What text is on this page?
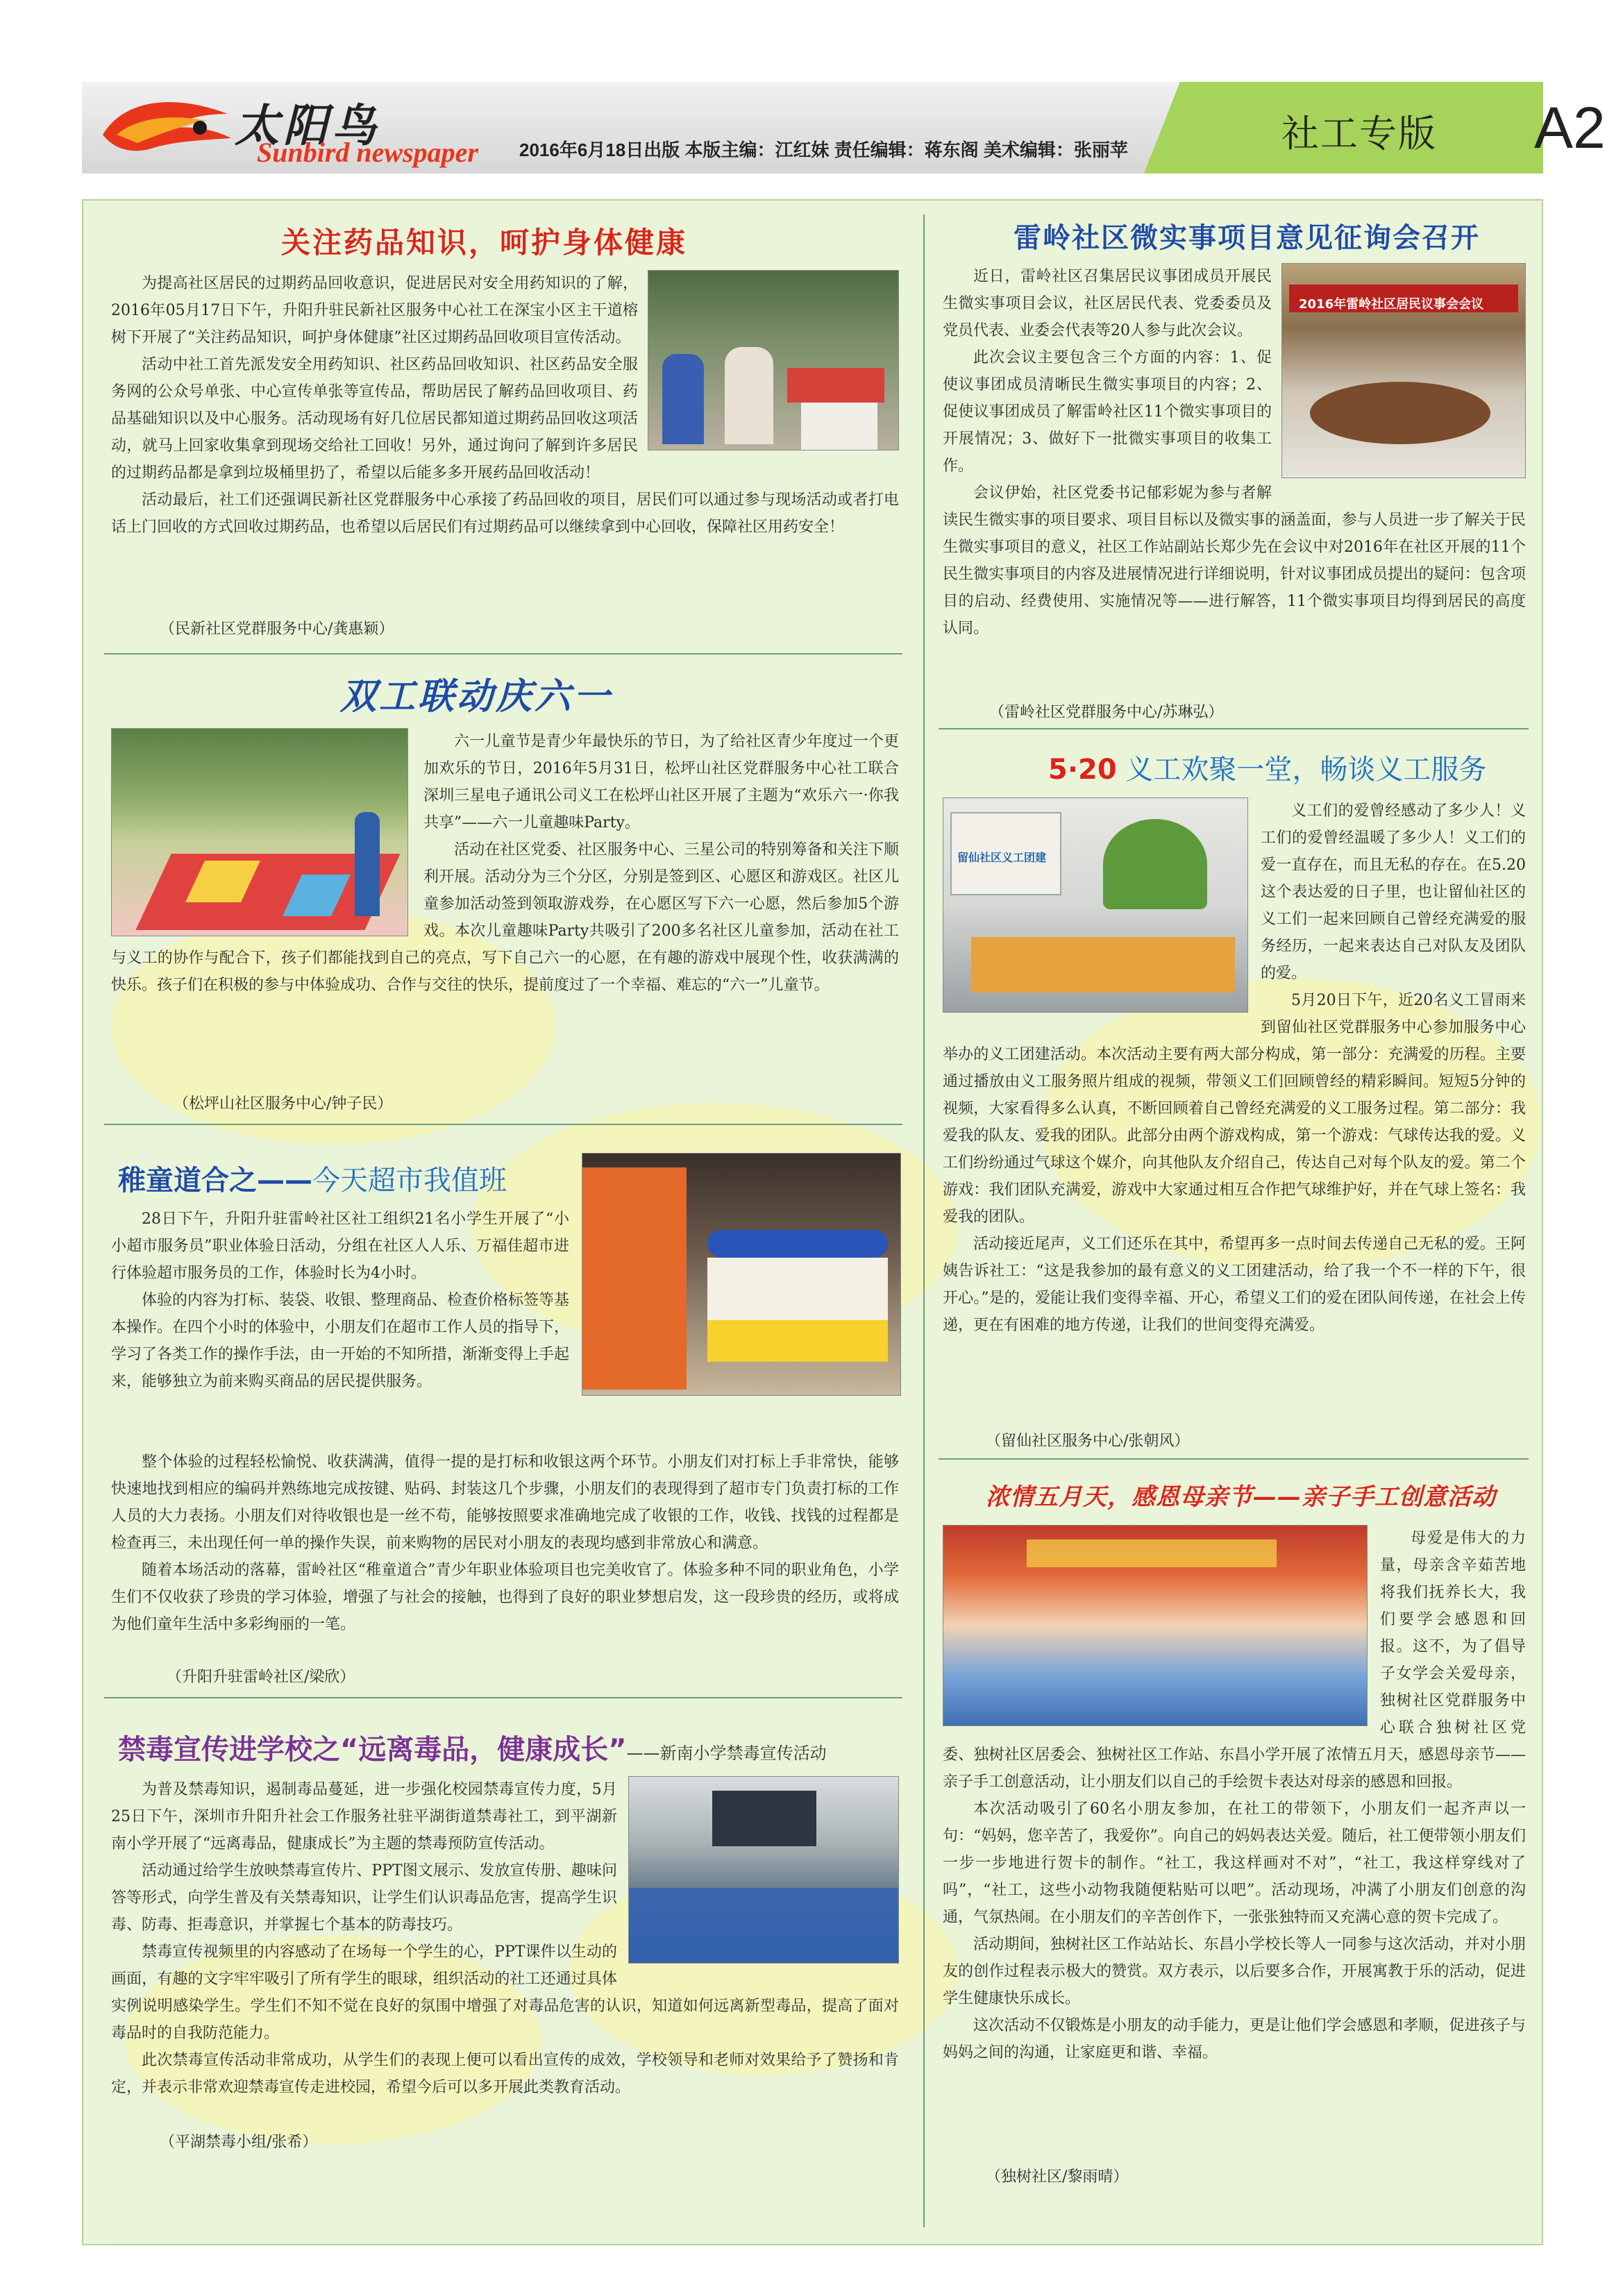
太阳鸟
Sunbird newspaper 2016年6月18日出版 本版主编：江红妹 责任编辑：蒋东阁 美术编辑：张丽苹	社工专版 A2
关注药品知识，呵护身体健康

为提高社区居民的过期药品回收意识，促进居民对安全用药知识的了解，2016年05月17日下午，升阳升驻民新社区服务中心社工在深宝小区主干道榕树下开展了“关注药品知识，呵护身体健康”社区过期药品回收项目宣传活动。

活动中社工首先派发安全用药知识、社区药品回收知识、社区药品安全服务网的公众号单张、中心宣传单张等宣传品，帮助居民了解药品回收项目、药品基础知识以及中心服务。活动现场有好几位居民都知道过期药品回收这项活动，就马上回家收集拿到现场交给社工回收！另外，通过询问了解到许多居民的过期药品都是拿到垃圾桶里扔了，希望以后能多多开展药品回收活动！

活动最后，社工们还强调民新社区党群服务中心承接了药品回收的项目，居民们可以通过参与现场活动或者打电话上门回收的方式回收过期药品，也希望以后居民们有过期药品可以继续拿到中心回收，保障社区用药安全！

（民新社区党群服务中心/龚惠颖）
双工联动庆六一

六一儿童节是青少年最快乐的节日，为了给社区青少年度过一个更加欢乐的节日，2016年5月31日，松坪山社区党群服务中心社工联合深圳三星电子通讯公司义工在松坪山社区开展了主题为“欢乐六一·你我共享”——六一儿童趣味Party。

活动在社区党委、社区服务中心、三星公司的特别筹备和关注下顺利开展。活动分为三个分区，分别是签到区、心愿区和游戏区。社区儿童参加活动签到领取游戏券，在心愿区写下六一心愿，然后参加5个游戏。本次儿童趣味Party共吸引了200多名社区儿童参加，活动在社工与义工的协作与配合下，孩子们都能找到自己的亮点，写下自己六一的心愿，在有趣的游戏中展现个性，收获满满的快乐。孩子们在积极的参与中体验成功、合作与交往的快乐，提前度过了一个幸福、难忘的“六一”儿童节。

（松坪山社区服务中心/钟子民）
稚童道合之——今天超市我值班

28日下午，升阳升驻雷岭社区社工组织21名小学生开展了“小小超市服务员”职业体验日活动，分组在社区人人乐、万福佳超市进行体验超市服务员的工作，体验时长为4小时。

体验的内容为打标、装袋、收银、整理商品、检查价格标签等基本操作。在四个小时的体验中，小朋友们在超市工作人员的指导下，学习了各类工作的操作手法，由一开始的不知所措，渐渐变得上手起来，能够独立为前来购买商品的居民提供服务。

整个体验的过程轻松愉悦、收获满满，值得一提的是打标和收银这两个环节。小朋友们对打标上手非常快，能够快速地找到相应的编码并熟练地完成按键、贴码、封装这几个步骤，小朋友们的表现得到了超市专门负责打标的工作人员的大力表扬。小朋友们对待收银也是一丝不苟，能够按照要求准确地完成了收银的工作，收钱、找钱的过程都是检查再三，未出现任何一单的操作失误，前来购物的居民对小朋友的表现均感到非常放心和满意。

随着本场活动的落幕，雷岭社区“稚童道合”青少年职业体验项目也完美收官了。体验多种不同的职业角色，小学生们不仅收获了珍贵的学习体验，增强了与社会的接触，也得到了良好的职业梦想启发，这一段珍贵的经历，或将成为他们童年生活中多彩绚丽的一笔。

（升阳升驻雷岭社区/梁欣）
禁毒宣传进学校之“远离毒品，健康成长”——新南小学禁毒宣传活动

为普及禁毒知识，遏制毒品蔓延，进一步强化校园禁毒宣传力度，5月25日下午，深圳市升阳升社会工作服务社驻平湖街道禁毒社工，到平湖新南小学开展了“远离毒品，健康成长”为主题的禁毒预防宣传活动。

活动通过给学生放映禁毒宣传片、PPT图文展示、发放宣传册、趣味问答等形式，向学生普及有关禁毒知识，让学生们认识毒品危害，提高学生识毒、防毒、拒毒意识，并掌握七个基本的防毒技巧。

禁毒宣传视频里的内容感动了在场每一个学生的心，PPT课件以生动的画面，有趣的文字牢牢吸引了所有学生的眼球，组织活动的社工还通过具体实例说明感染学生。学生们不知不觉在良好的氛围中增强了对毒品危害的认识，知道如何远离新型毒品，提高了面对毒品时的自我防范能力。

此次禁毒宣传活动非常成功，从学生们的表现上便可以看出宣传的成效，学校领导和老师对效果给予了赞扬和肯定，并表示非常欢迎禁毒宣传走进校园，希望今后可以多开展此类教育活动。

（平湖禁毒小组/张希）
雷岭社区微实事项目意见征询会召开
2016年雷岭社区居民议事会会议

近日，雷岭社区召集居民议事团成员开展民生微实事项目会议，社区居民代表、党委委员及党员代表、业委会代表等20人参与此次会议。

此次会议主要包含三个方面的内容：1、促使议事团成员清晰民生微实事项目的内容；2、促使议事团成员了解雷岭社区11个微实事项目的开展情况；3、做好下一批微实事项目的收集工作。

会议伊始，社区党委书记郁彩妮为参与者解读民生微实事的项目要求、项目目标以及微实事的涵盖面，参与人员进一步了解关于民生微实事项目的意义，社区工作站副站长郑少先在会议中对2016年在社区开展的11个民生微实事项目的内容及进展情况进行详细说明，针对议事团成员提出的疑问：包含项目的启动、经费使用、实施情况等——进行解答，11个微实事项目均得到居民的高度认同。

（雷岭社区党群服务中心/苏琳弘）
5·20 义工欢聚一堂，畅谈义工服务
留仙社区义工团建

义工们的爱曾经感动了多少人！义工们的爱曾经温暖了多少人！义工们的爱一直存在，而且无私的存在。在5.20这个表达爱的日子里，也让留仙社区的义工们一起来回顾自己曾经充满爱的服务经历，一起来表达自己对队友及团队的爱。

5月20日下午，近20名义工冒雨来到留仙社区党群服务中心参加服务中心举办的义工团建活动。本次活动主要有两大部分构成，第一部分：充满爱的历程。主要通过播放由义工服务照片组成的视频，带领义工们回顾曾经的精彩瞬间。短短5分钟的视频，大家看得多么认真，不断回顾着自己曾经充满爱的义工服务过程。第二部分：我爱我的队友、爱我的团队。此部分由两个游戏构成，第一个游戏：气球传达我的爱。义工们纷纷通过气球这个媒介，向其他队友介绍自己，传达自己对每个队友的爱。第二个游戏：我们团队充满爱，游戏中大家通过相互合作把气球维护好，并在气球上签名：我爱我的团队。

活动接近尾声，义工们还乐在其中，希望再多一点时间去传递自己无私的爱。王阿姨告诉社工：“这是我参加的最有意义的义工团建活动，给了我一个不一样的下午，很开心。”是的，爱能让我们变得幸福、开心，希望义工们的爱在团队间传递，在社会上传递，更在有困难的地方传递，让我们的世间变得充满爱。

（留仙社区服务中心/张朝风）
浓情五月天，感恩母亲节——亲子手工创意活动

母爱是伟大的力量，母亲含辛茹苦地将我们抚养长大，我们要学会感恩和回报。这不，为了倡导子女学会关爱母亲，独树社区党群服务中心联合独树社区党委、独树社区居委会、独树社区工作站、东昌小学开展了浓情五月天，感恩母亲节——亲子手工创意活动，让小朋友们以自己的手绘贺卡表达对母亲的感恩和回报。

本次活动吸引了60名小朋友参加，在社工的带领下，小朋友们一起齐声以一句：“妈妈，您辛苦了，我爱你”。向自己的妈妈表达关爱。随后，社工便带领小朋友们一步一步地进行贺卡的制作。“社工，我这样画对不对”，“社工，我这样穿线对了吗”，“社工，这些小动物我随便粘贴可以吧”。活动现场，冲满了小朋友们创意的沟通，气氛热闹。在小朋友们的辛苦创作下，一张张独特而又充满心意的贺卡完成了。

活动期间，独树社区工作站站长、东昌小学校长等人一同参与这次活动，并对小朋友的创作过程表示极大的赞赏。双方表示，以后要多合作，开展寓教于乐的活动，促进学生健康快乐成长。

这次活动不仅锻炼是小朋友的动手能力，更是让他们学会感恩和孝顺，促进孩子与妈妈之间的沟通，让家庭更和谐、幸福。

（独树社区/黎雨晴）
